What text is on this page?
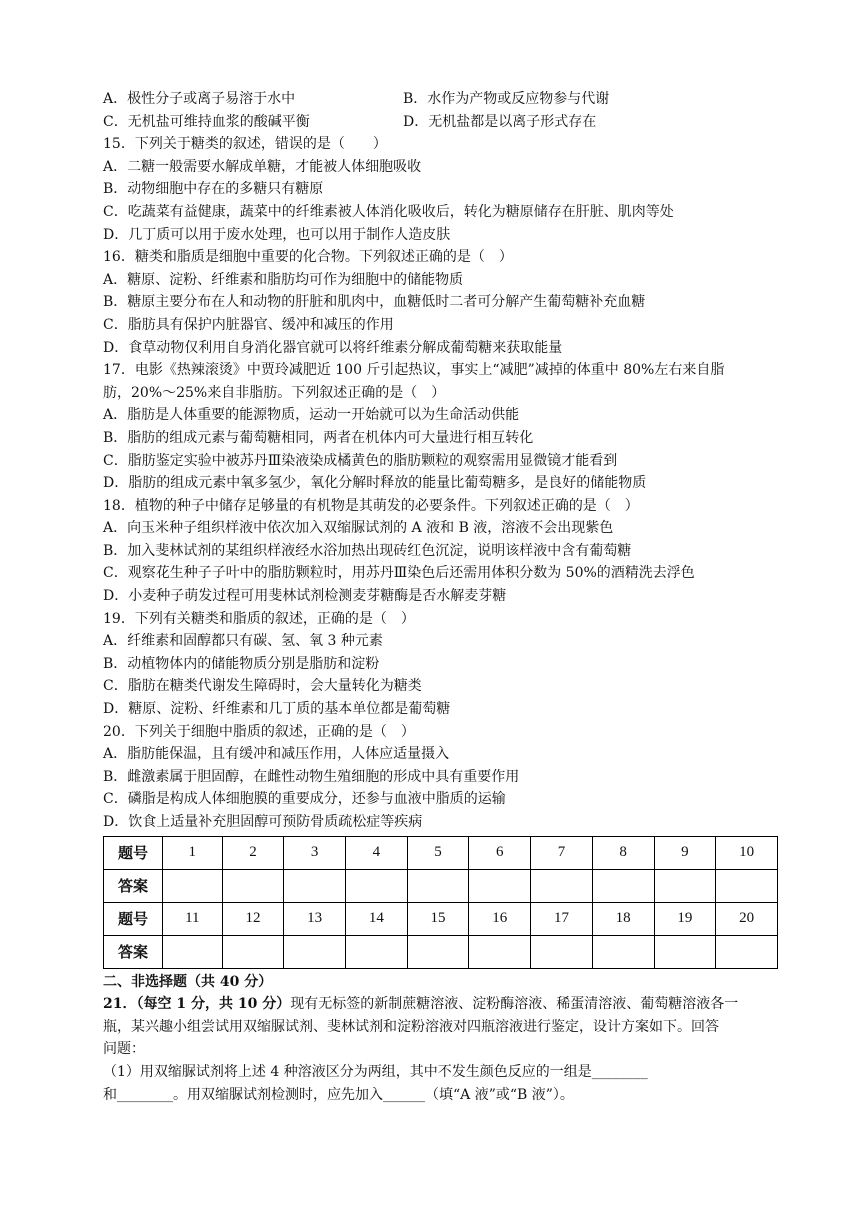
A．极性分子或离子易溶于水中	B．水作为产物或反应物参与代谢
C．无机盐可维持血浆的酸碱平衡	D．无机盐都是以离子形式存在
15．下列关于糖类的叙述，错误的是（　　）
A．二糖一般需要水解成单糖，才能被人体细胞吸收
B．动物细胞中存在的多糖只有糖原
C．吃蔬菜有益健康，蔬菜中的纤维素被人体消化吸收后，转化为糖原储存在肝脏、肌肉等处
D．几丁质可以用于废水处理，也可以用于制作人造皮肤
16．糖类和脂质是细胞中重要的化合物。下列叙述正确的是（　）
A．糖原、淀粉、纤维素和脂肪均可作为细胞中的储能物质
B．糖原主要分布在人和动物的肝脏和肌肉中，血糖低时二者可分解产生葡萄糖补充血糖
C．脂肪具有保护内脏器官、缓冲和减压的作用
D．食草动物仅利用自身消化器官就可以将纤维素分解成葡萄糖来获取能量
17．电影《热辣滚烫》中贾玲减肥近 100 斤引起热议，事实上“减肥”减掉的体重中 80%左右来自脂
肪，20%～25%来自非脂肪。下列叙述正确的是（　）
A．脂肪是人体重要的能源物质，运动一开始就可以为生命活动供能
B．脂肪的组成元素与葡萄糖相同，两者在机体内可大量进行相互转化
C．脂肪鉴定实验中被苏丹Ⅲ染液染成橘黄色的脂肪颗粒的观察需用显微镜才能看到
D．脂肪的组成元素中氧多氢少，氧化分解时释放的能量比葡萄糖多，是良好的储能物质
18．植物的种子中储存足够量的有机物是其萌发的必要条件。下列叙述正确的是（　）
A．向玉米种子组织样液中依次加入双缩脲试剂的 A 液和 B 液，溶液不会出现紫色
B．加入斐林试剂的某组织样液经水浴加热出现砖红色沉淀，说明该样液中含有葡萄糖
C．观察花生种子子叶中的脂肪颗粒时，用苏丹Ⅲ染色后还需用体积分数为 50%的酒精洗去浮色
D．小麦种子萌发过程可用斐林试剂检测麦芽糖酶是否水解麦芽糖
19．下列有关糖类和脂质的叙述，正确的是（　）
A．纤维素和固醇都只有碳、氢、氧 3 种元素
B．动植物体内的储能物质分别是脂肪和淀粉
C．脂肪在糖类代谢发生障碍时，会大量转化为糖类
D．糖原、淀粉、纤维素和几丁质的基本单位都是葡萄糖
20．下列关于细胞中脂质的叙述，正确的是（　）
A．脂肪能保温，且有缓冲和减压作用，人体应适量摄入
B．雌激素属于胆固醇，在雌性动物生殖细胞的形成中具有重要作用
C．磷脂是构成人体细胞膜的重要成分，还参与血液中脂质的运输
D．饮食上适量补充胆固醇可预防骨质疏松症等疾病
题号	1	2	3	4	5	6	7	8	9	10
答案										
题号	11	12	13	14	15	16	17	18	19	20
答案										
二、非选择题（共 40 分）
21．（每空 1 分，共 10 分）现有无标签的新制蔗糖溶液、淀粉酶溶液、稀蛋清溶液、葡萄糖溶液各一
瓶，某兴趣小组尝试用双缩脲试剂、斐林试剂和淀粉溶液对四瓶溶液进行鉴定，设计方案如下。回答
问题：
（1）用双缩脲试剂将上述 4 种溶液区分为两组，其中不发生颜色反应的一组是________
和________。用双缩脲试剂检测时，应先加入______（填“A 液”或“B 液”）。
